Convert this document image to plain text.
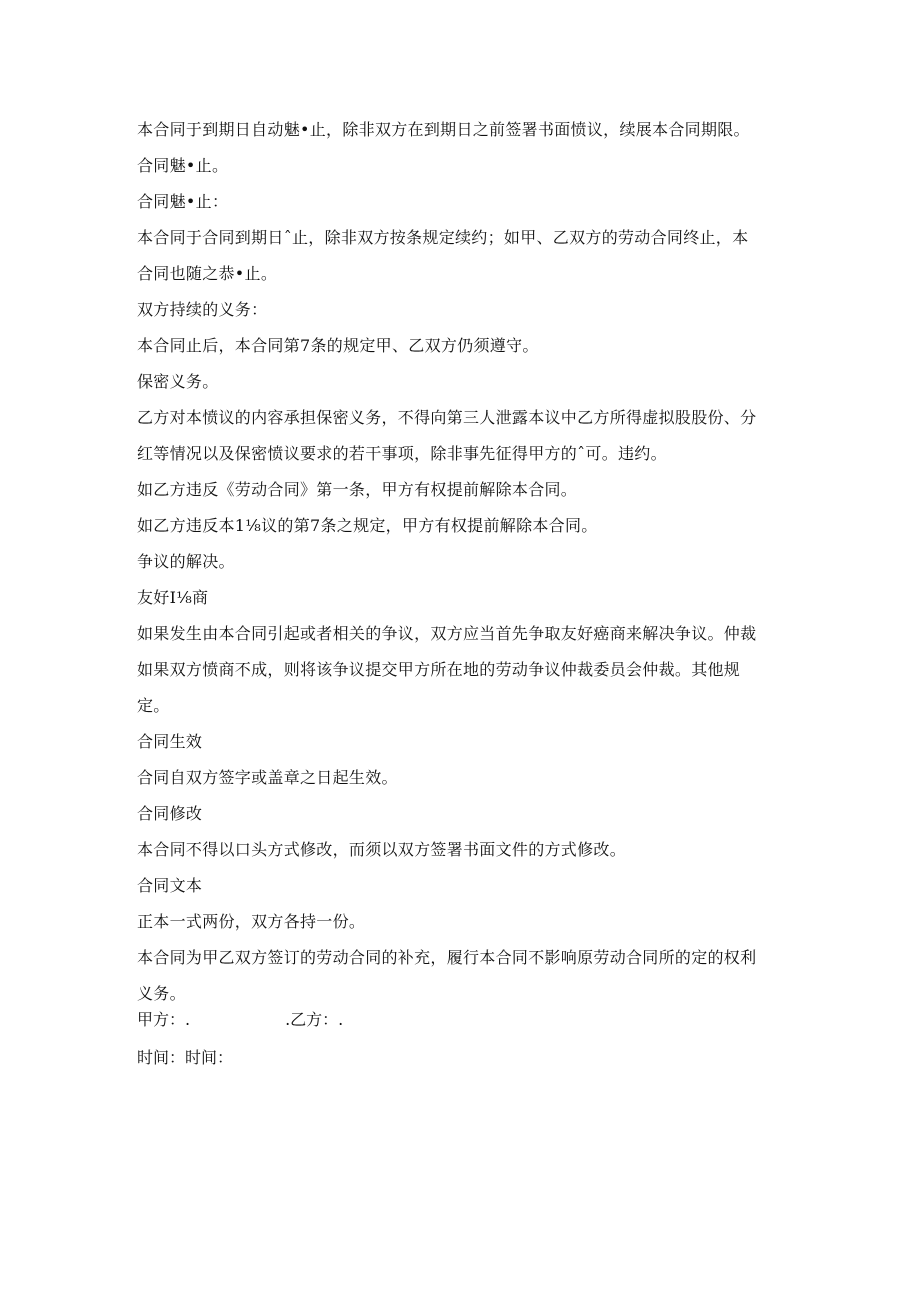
本合同于到期日自动魅•止，除非双方在到期日之前签署书面愤议，续展本合同期限。
合同魅•止。
合同魅•止：
本合同于合同到期日ˆ止，除非双方按条规定续约；如甲、乙双方的劳动合同终止，本
合同也随之恭•止。
双方持续的义务：
本合同止后，本合同第7条的规定甲、乙双方仍须遵守。
保密义务。
乙方对本愤议的内容承担保密义务，不得向第三人泄露本议中乙方所得虚拟股股份、分
红等情况以及保密愤议要求的若干事项，除非事先征得甲方的ˆ可。违约。
如乙方违反《劳动合同》第一条，甲方有权提前解除本合同。
如乙方违反本1⅛议的第7条之规定，甲方有权提前解除本合同。
争议的解决。
友好I⅛商
如果发生由本合同引起或者相关的争议，双方应当首先争取友好癌商来解决争议。仲裁
如果双方愤商不成，则将该争议提交甲方所在地的劳动争议仲裁委员会仲裁。其他规
定。
合同生效
合同自双方签字或盖章之日起生效。
合同修改
本合同不得以口头方式修改，而须以双方签署书面文件的方式修改。
合同文本
正本一式两份，双方各持一份。
本合同为甲乙双方签订的劳动合同的补充，履行本合同不影响原劳动合同所的定的权利
义务。
甲方：.	.乙方：.
时间：时间：
